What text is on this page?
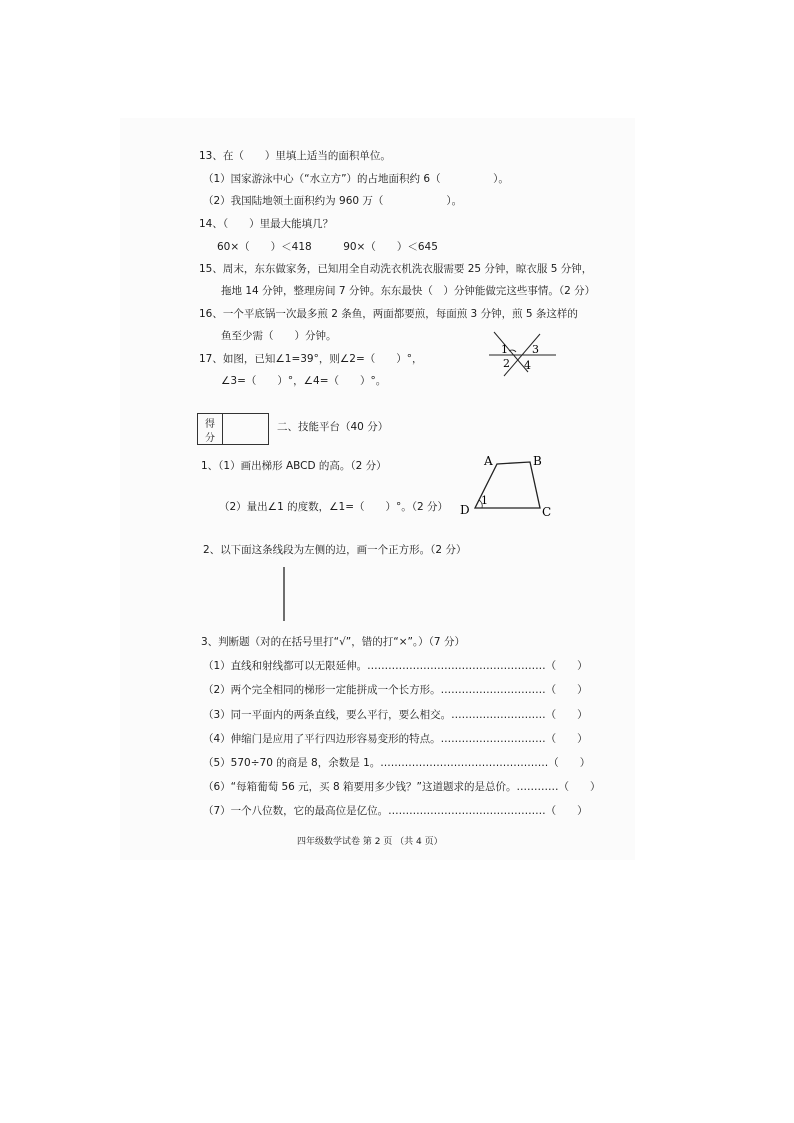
13、在（　　）里填上适当的面积单位。
（1）国家游泳中心（“水立方”）的占地面积约 6（　　　　　）。
（2）我国陆地领土面积约为 960 万（　　　　　　）。
14、（　　）里最大能填几？
60×（　　）＜418　　　90×（　　）＜645
15、周末，东东做家务，已知用全自动洗衣机洗衣服需要 25 分钟，晾衣服 5 分钟，
拖地 14 分钟，整理房间 7 分钟。东东最快（　）分钟能做完这些事情。（2 分）
16、一个平底锅一次最多煎 2 条鱼，两面都要煎，每面煎 3 分钟，煎 5 条这样的
鱼至少需（　　）分钟。
17、如图，已知∠1=39°，则∠2=（　　）°，
∠3=（　　）°，∠4=（　　）°。
1
2
3
4
得
分
二、技能平台（40 分）
1、（1）画出梯形 ABCD 的高。（2 分）
（2）量出∠1 的度数，∠1=（　　）°。（2 分）
A	B
C
D
1
2、以下面这条线段为左侧的边，画一个正方形。（2 分）
3、判断题（对的在括号里打“√”，错的打“×”。）（7 分）
（1）直线和射线都可以无限延伸。……………………………………………（　　）
（2）两个完全相同的梯形一定能拼成一个长方形。…………………………（　　）
（3）同一平面内的两条直线，要么平行，要么相交。………………………（　　）
（4）伸缩门是应用了平行四边形容易变形的特点。…………………………（　　）
（5）570÷70 的商是 8，余数是 1。…………………………………………（　　）
（6）“每箱葡萄 56 元，买 8 箱要用多少钱？”这道题求的是总价。…………（　　）
（7）一个八位数，它的最高位是亿位。………………………………………（　　）
四年级数学试卷 第 2 页 （共 4 页）
